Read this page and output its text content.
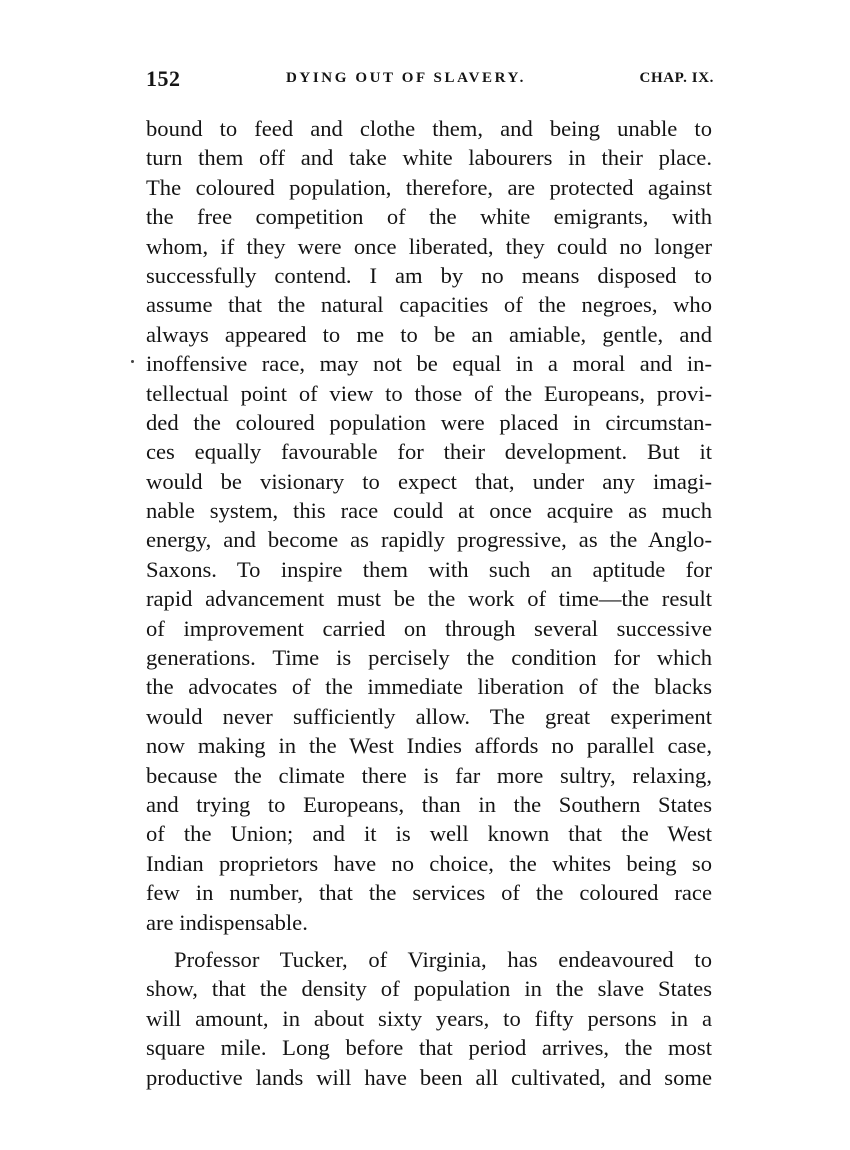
152	DYING OUT OF SLAVERY.	CHAP. IX.
bound to feed and clothe them, and being unable to
turn them off and take white labourers in their place.
The coloured population, therefore, are protected against
the free competition of the white emigrants, with
whom, if they were once liberated, they could no longer
successfully contend. I am by no means disposed to
assume that the natural capacities of the negroes, who
always appeared to me to be an amiable, gentle, and
inoffensive race, may not be equal in a moral and in-
tellectual point of view to those of the Europeans, provi-
ded the coloured population were placed in circumstan-
ces equally favourable for their development. But it
would be visionary to expect that, under any imagi-
nable system, this race could at once acquire as much
energy, and become as rapidly progressive, as the Anglo-
Saxons. To inspire them with such an aptitude for
rapid advancement must be the work of time—the result
of improvement carried on through several successive
generations. Time is percisely the condition for which
the advocates of the immediate liberation of the blacks
would never sufficiently allow. The great experiment
now making in the West Indies affords no parallel case,
because the climate there is far more sultry, relaxing,
and trying to Europeans, than in the Southern States
of the Union; and it is well known that the West
Indian proprietors have no choice, the whites being so
few in number, that the services of the coloured race
are indispensable.
Professor Tucker, of Virginia, has endeavoured to
show, that the density of population in the slave States
will amount, in about sixty years, to fifty persons in a
square mile. Long before that period arrives, the most
productive lands will have been all cultivated, and some
